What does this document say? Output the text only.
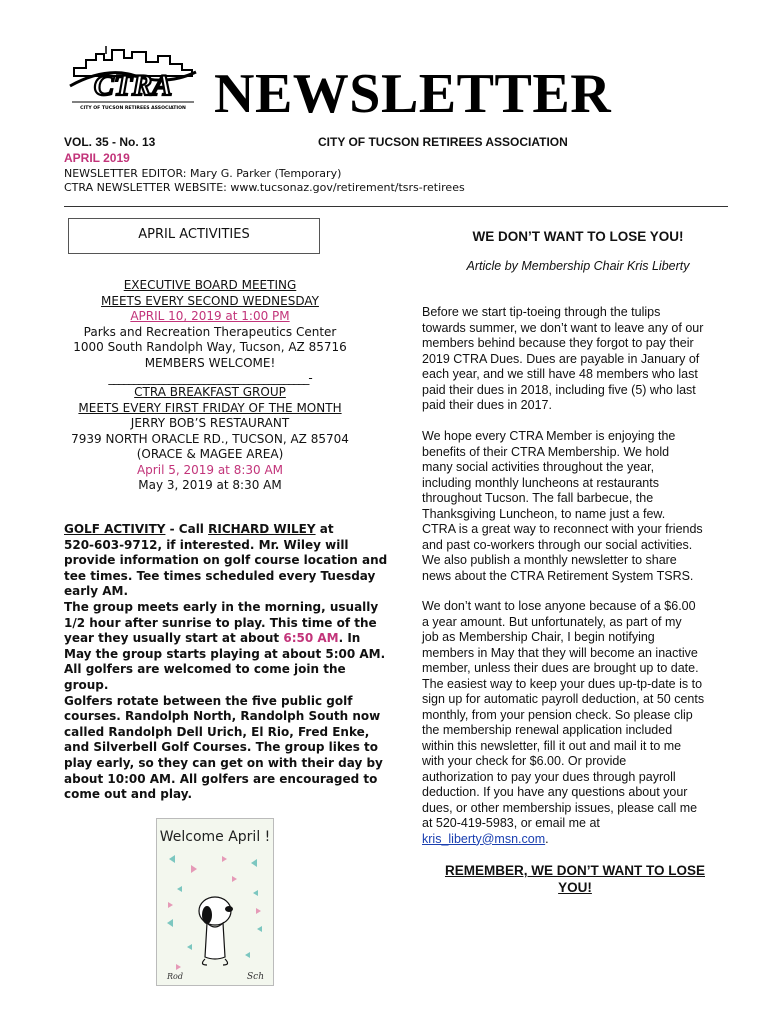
CTRA
CITY OF TUCSON RETIREES ASSOCIATION NEWSLETTER
VOL. 35 - No. 13	CITY OF TUCSON RETIREES ASSOCIATION
APRIL 2019
NEWSLETTER EDITOR: Mary G. Parker (Temporary)
CTRA NEWSLETTER WEBSITE: www.tucsonaz.gov/retirement/tsrs-retirees
APRIL ACTIVITIES
EXECUTIVE BOARD MEETING
MEETS EVERY SECOND WEDNESDAY
APRIL 10, 2019 at 1:00 PM
Parks and Recreation Therapeutics Center
1000 South Randolph Way, Tucson, AZ 85716
MEMBERS WELCOME!
________________________________________-
CTRA BREAKFAST GROUP
MEETS EVERY FIRST FRIDAY OF THE MONTH
JERRY BOB’S RESTAURANT
7939 NORTH ORACLE RD., TUCSON, AZ 85704
(ORACE & MAGEE AREA)
April 5, 2019 at 8:30 AM
May 3, 2019 at 8:30 AM
GOLF ACTIVITY - Call RICHARD WILEY at
520-603-9712, if interested. Mr. Wiley will
provide information on golf course location and
tee times. Tee times scheduled every Tuesday
early AM.
The group meets early in the morning, usually
1/2 hour after sunrise to play. This time of the
year they usually start at about 6:50 AM. In
May the group starts playing at about 5:00 AM.
All golfers are welcomed to come join the
group.
Golfers rotate between the five public golf
courses. Randolph North, Randolph South now
called Randolph Dell Urich, El Rio, Fred Enke,
and Silverbell Golf Courses. The group likes to
play early, so they can get on with their day by
about 10:00 AM. All golfers are encouraged to
come out and play.
Welcome April !
Rod	Sch
WE DON’T WANT TO LOSE YOU!
Article by Membership Chair Kris Liberty
Before we start tip-toeing through the tulips
towards summer, we don’t want to leave any of our
members behind because they forgot to pay their
2019 CTRA Dues. Dues are payable in January of
each year, and we still have 48 members who last
paid their dues in 2018, including five (5) who last
paid their dues in 2017.
We hope every CTRA Member is enjoying the
benefits of their CTRA Membership. We hold
many social activities throughout the year,
including monthly luncheons at restaurants
throughout Tucson. The fall barbecue, the
Thanksgiving Luncheon, to name just a few.
CTRA is a great way to reconnect with your friends
and past co-workers through our social activities.
We also publish a monthly newsletter to share
news about the CTRA Retirement System TSRS.
We don’t want to lose anyone because of a $6.00
a year amount. But unfortunately, as part of my
job as Membership Chair, I begin notifying
members in May that they will become an inactive
member, unless their dues are brought up to date.
The easiest way to keep your dues up-tp-date is to
sign up for automatic payroll deduction, at 50 cents
monthly, from your pension check. So please clip
the membership renewal application included
within this newsletter, fill it out and mail it to me
with your check for $6.00. Or provide
authorization to pay your dues through payroll
deduction. If you have any questions about your
dues, or other membership issues, please call me
at 520-419-5983, or email me at
kris_liberty@msn.com.
REMEMBER, WE DON’T WANT TO LOSE
YOU!
